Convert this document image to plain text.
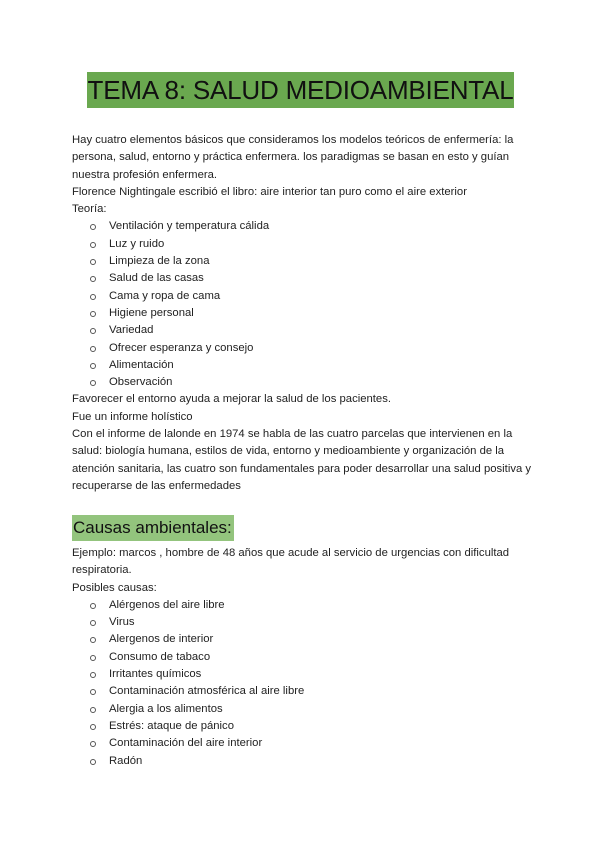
TEMA 8: SALUD MEDIOAMBIENTAL

Hay cuatro elementos básicos que consideramos los modelos teóricos de enfermería: la persona, salud, entorno y práctica enfermera. los paradigmas se basan en esto y guían nuestra profesión enfermera.

Florence Nightingale escribió el libro: aire interior tan puro como el aire exterior

Teoría:

Ventilación y temperatura cálida
Luz y ruido
Limpieza de la zona
Salud de las casas
Cama y ropa de cama
Higiene personal
Variedad
Ofrecer esperanza y consejo
Alimentación
Observación

Favorecer el entorno ayuda a mejorar la salud de los pacientes.

Fue un informe holístico

Con el informe de lalonde en 1974 se habla de las cuatro parcelas que intervienen en la salud: biología humana, estilos de vida, entorno y medioambiente y organización de la atención sanitaria, las cuatro son fundamentales para poder desarrollar una salud positiva y recuperarse de las enfermedades

Causas ambientales:

Ejemplo: marcos , hombre de 48 años que acude al servicio de urgencias con dificultad respiratoria.

Posibles causas:

Alérgenos del aire libre
Virus
Alergenos de interior
Consumo de tabaco
Irritantes químicos
Contaminación atmosférica al aire libre
Alergia a los alimentos
Estrés: ataque de pánico
Contaminación del aire interior
Radón
